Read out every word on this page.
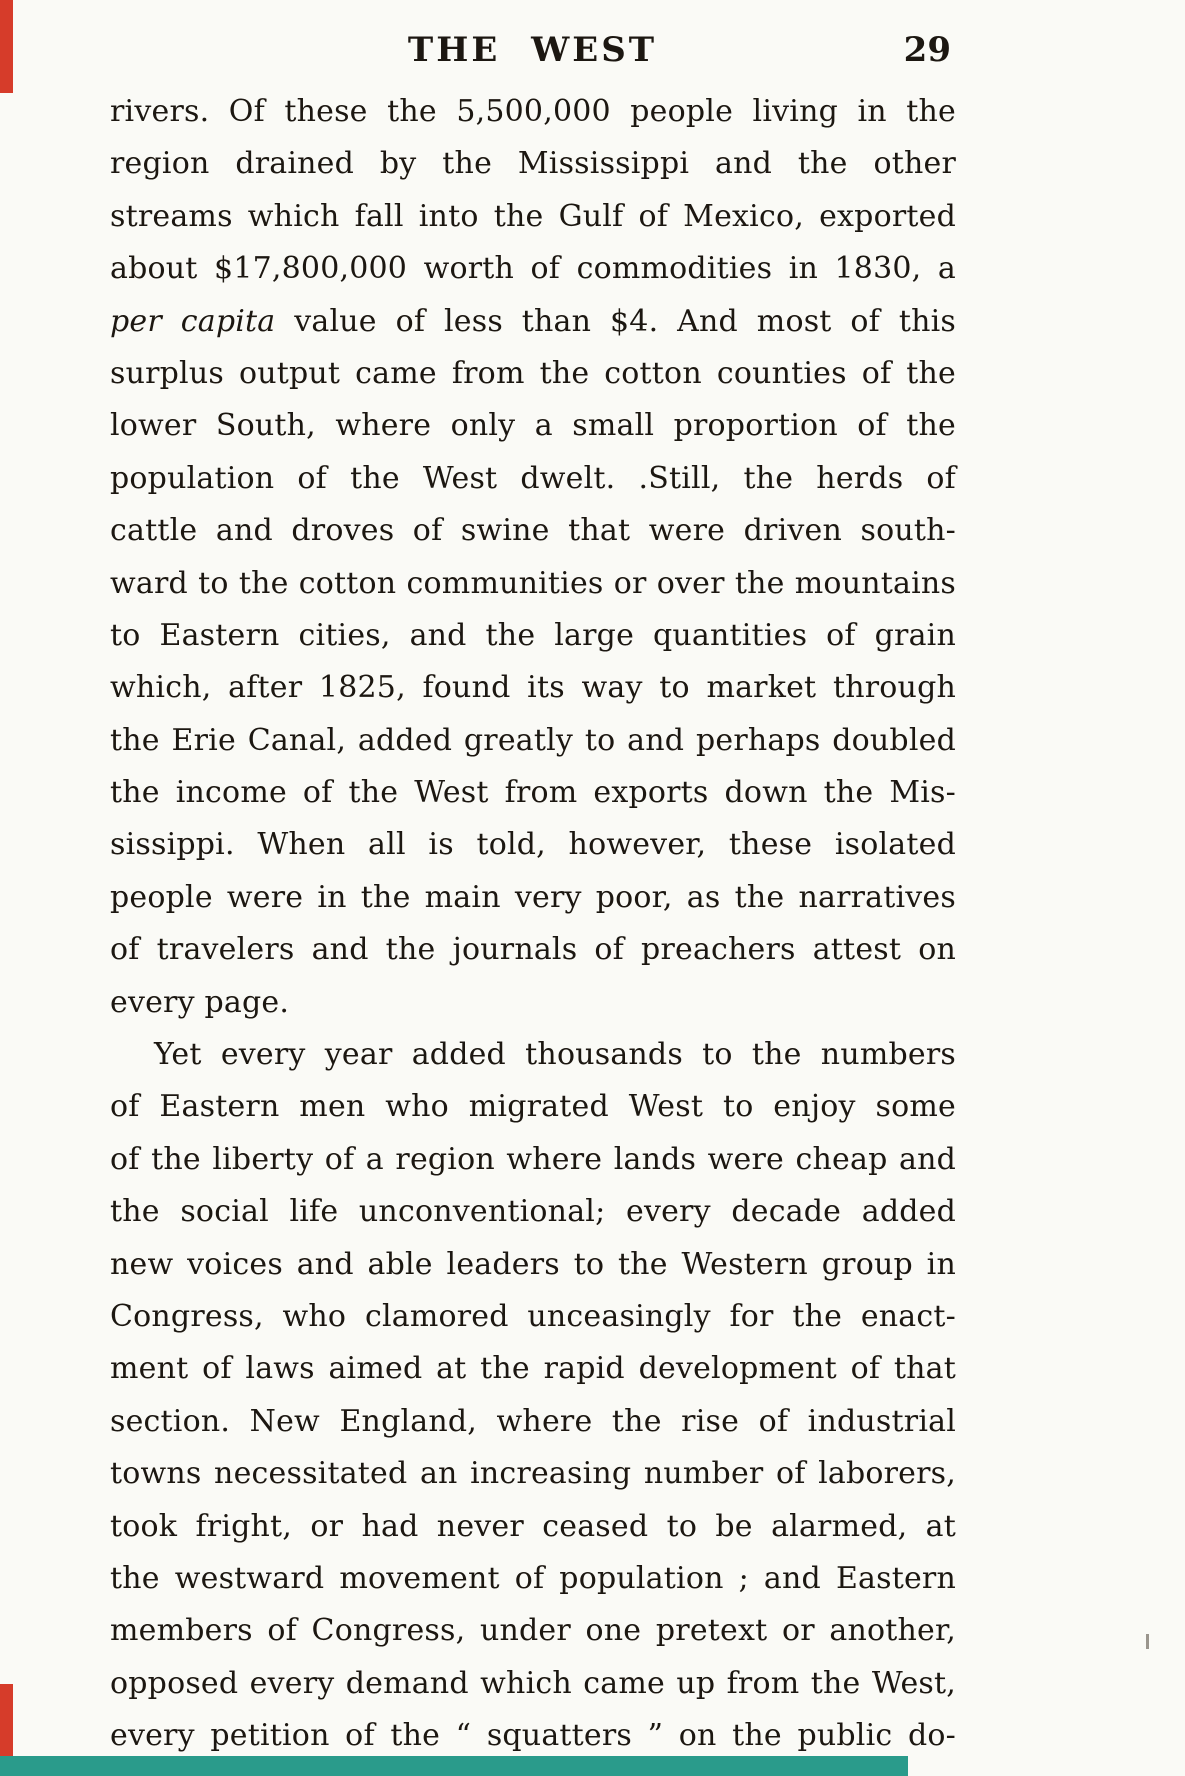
THE WEST	29
rivers. Of these the 5,500,000 people living in the
region drained by the Mississippi and the other
streams which fall into the Gulf of Mexico, exported
about $17,800,000 worth of commodities in 1830, a
per capita value of less than $4. And most of this
surplus output came from the cotton counties of the
lower South, where only a small proportion of the
population of the West dwelt. .Still, the herds of
cattle and droves of swine that were driven south-
ward to the cotton communities or over the mountains
to Eastern cities, and the large quantities of grain
which, after 1825, found its way to market through
the Erie Canal, added greatly to and perhaps doubled
the income of the West from exports down the Mis-
sissippi. When all is told, however, these isolated
people were in the main very poor, as the narratives
of travelers and the journals of preachers attest on
every page.
Yet every year added thousands to the numbers
of Eastern men who migrated West to enjoy some
of the liberty of a region where lands were cheap and
the social life unconventional; every decade added
new voices and able leaders to the Western group in
Congress, who clamored unceasingly for the enact-
ment of laws aimed at the rapid development of that
section. New England, where the rise of industrial
towns necessitated an increasing number of laborers,
took fright, or had never ceased to be alarmed, at
the westward movement of population ; and Eastern
members of Congress, under one pretext or another,
opposed every demand which came up from the West,
every petition of the “ squatters ” on the public do-
